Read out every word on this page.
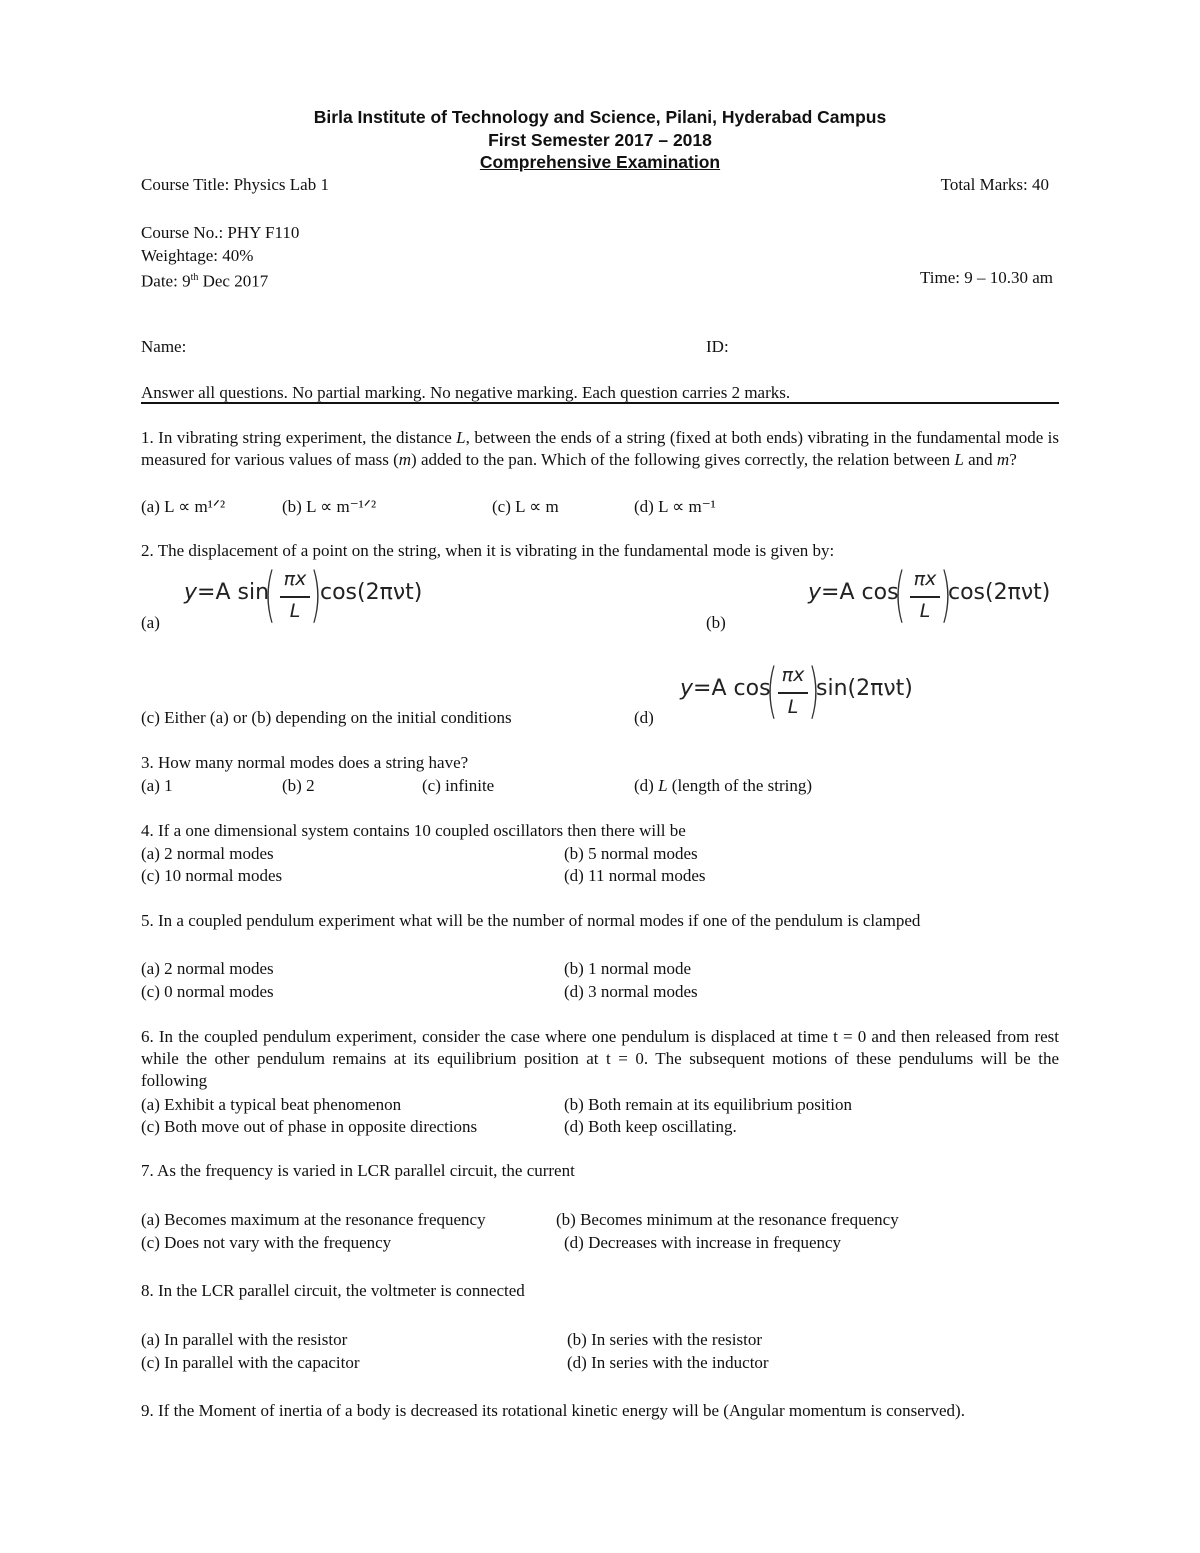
Birla Institute of Technology and Science, Pilani, Hyderabad Campus
First Semester 2017 – 2018
Comprehensive Examination
Course Title: Physics Lab 1	Total Marks: 40
Course No.: PHY F110
Weightage: 40%
Date: 9th Dec 2017	Time: 9 – 10.30 am
Name:	ID:
Answer all questions. No partial marking. No negative marking. Each question carries 2 marks.
1. In vibrating string experiment, the distance L, between the ends of a string (fixed at both ends) vibrating in the fundamental mode is measured for various values of mass (m) added to the pan. Which of the following gives correctly, the relation between L and m?
(a) L ∝ m¹ᐟ²	(b) L ∝ m⁻¹ᐟ²	(c) L ∝ m	(d) L ∝ m⁻¹
2. The displacement of a point on the string, when it is vibrating in the fundamental mode is given by:
(a)	(b)
(c) Either (a) or (b) depending on the initial conditions	(d)
y=A sin
( πx
L )
cos(2πνt)	y=A cos
( πx
L )
cos(2πνt)
y=A cos
( πx
L )
sin(2πνt)
3. How many normal modes does a string have?
(a) 1	(b) 2	(c) infinite	(d) L (length of the string)
4. If a one dimensional system contains 10 coupled oscillators then there will be
(a) 2 normal modes	(b) 5 normal modes
(c) 10 normal modes	(d) 11 normal modes
5. In a coupled pendulum experiment what will be the number of normal modes if one of the pendulum is clamped
(a) 2 normal modes	(b) 1 normal mode
(c) 0 normal modes	(d) 3 normal modes
6. In the coupled pendulum experiment, consider the case where one pendulum is displaced at time t = 0 and then released from rest while the other pendulum remains at its equilibrium position at t = 0. The subsequent motions of these pendulums will be the following
(a) Exhibit a typical beat phenomenon	(b) Both remain at its equilibrium position
(c) Both move out of phase in opposite directions	(d) Both keep oscillating.
7. As the frequency is varied in LCR parallel circuit, the current
(a) Becomes maximum at the resonance frequency	(b) Becomes minimum at the resonance frequency
(c) Does not vary with the frequency	(d) Decreases with increase in frequency
8. In the LCR parallel circuit, the voltmeter is connected
(a) In parallel with the resistor	(b) In series with the resistor
(c) In parallel with the capacitor	(d) In series with the inductor
9. If the Moment of inertia of a body is decreased its rotational kinetic energy will be (Angular momentum is conserved).
